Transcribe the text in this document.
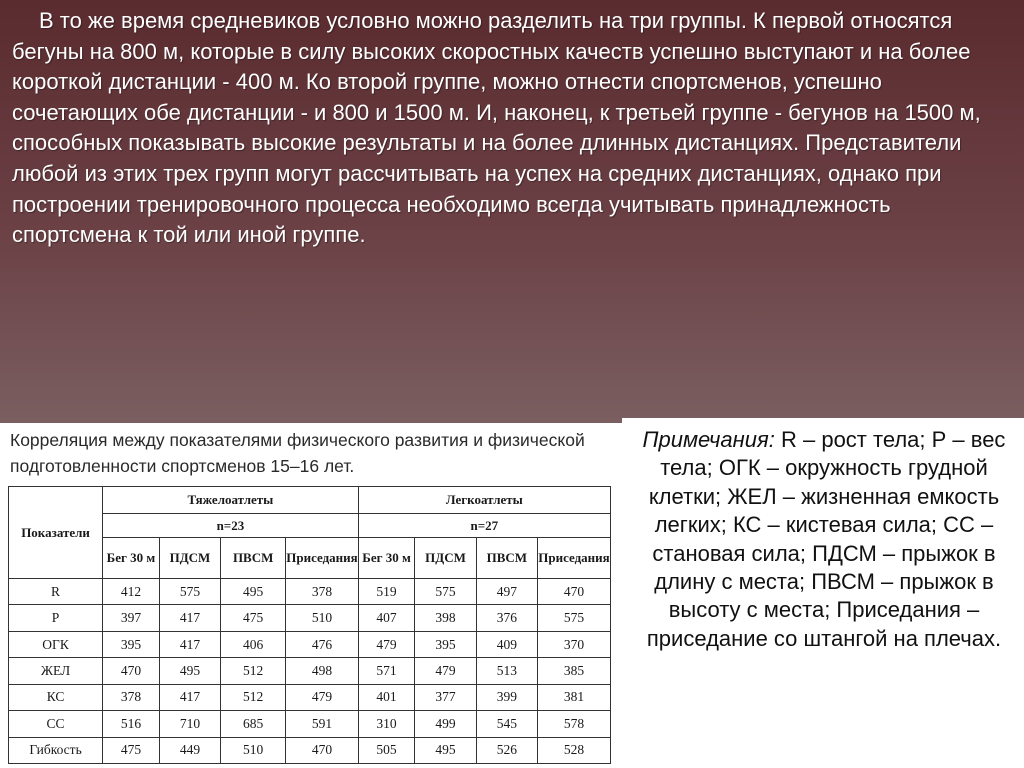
В то же время средневиков условно можно разделить на три группы. К первой относятся бегуны на 800 м, которые в силу высоких скоростных качеств успешно выступают и на более короткой дистанции - 400 м. Ко второй группе, можно отнести спортсменов, успешно сочетающих обе дистанции - и 800 и 1500 м. И, наконец, к третьей группе - бегунов на 1500 м, способных показывать высокие результаты и на более длинных дистанциях. Представители любой из этих трех групп могут рассчитывать на успех на средних дистанциях, однако при построении тренировочного процесса необходимо всегда учитывать принадлежность спортсмена к той или иной группе.

Корреляция между показателями физического развития и физической подготовленности спортсменов 15–16 лет.
Показатели	Тяжелоатлеты				Легкоатлеты			
	n=23				n=27			
	Бег 30 м	ПДСМ	ПВСМ	Приседания	Бег 30 м	ПДСМ	ПВСМ	Приседания
R	412	575	495	378	519	575	497	470
P	397	417	475	510	407	398	376	575
ОГК	395	417	406	476	479	395	409	370
ЖЕЛ	470	495	512	498	571	479	513	385
КС	378	417	512	479	401	377	399	381
СС	516	710	685	591	310	499	545	578
Гибкость	475	449	510	470	505	495	526	528

Примечания: R – рост тела; Р – вес тела; ОГК – окружность грудной клетки; ЖЕЛ – жизненная емкость легких; КС – кистевая сила; СС – становая сила; ПДСМ – прыжок в длину с места; ПВСМ – прыжок в высоту с места; Приседания – приседание со штангой на плечах.
